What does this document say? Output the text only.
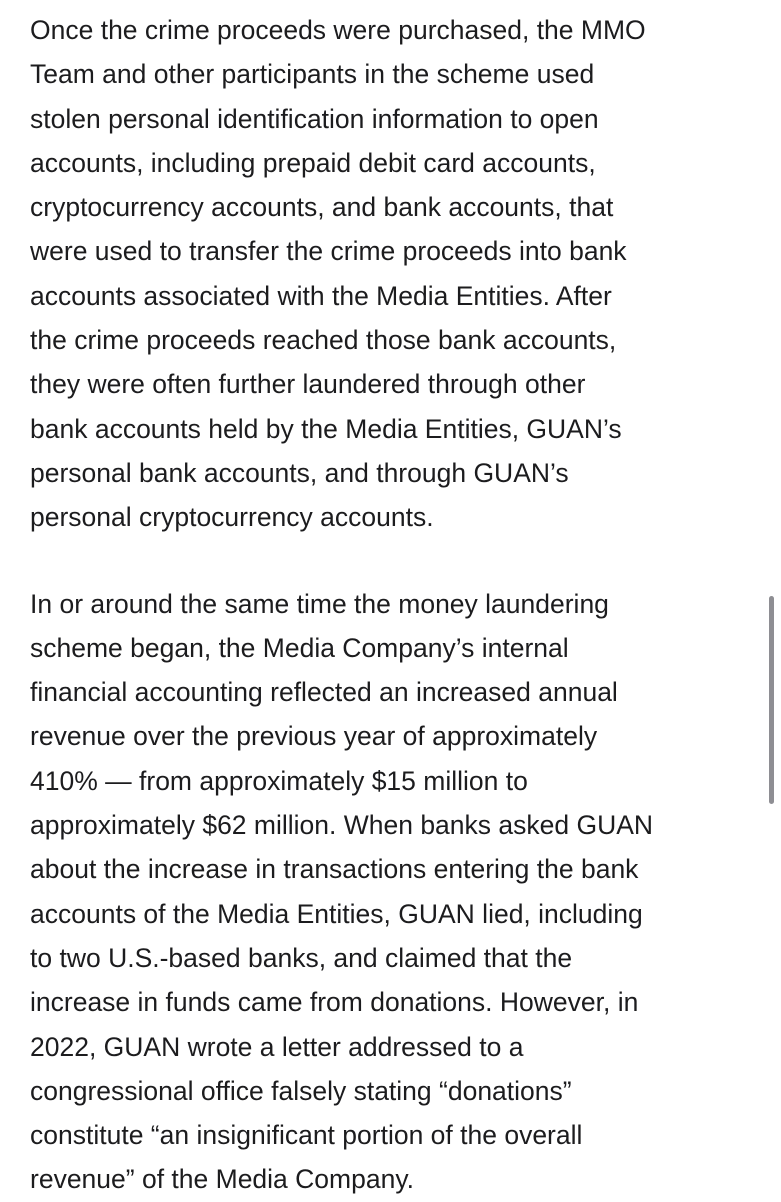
Once the crime proceeds were purchased, the MMO
Team and other participants in the scheme used
stolen personal identification information to open
accounts, including prepaid debit card accounts,
cryptocurrency accounts, and bank accounts, that
were used to transfer the crime proceeds into bank
accounts associated with the Media Entities. After
the crime proceeds reached those bank accounts,
they were often further laundered through other
bank accounts held by the Media Entities, GUAN’s
personal bank accounts, and through GUAN’s
personal cryptocurrency accounts.
In or around the same time the money laundering
scheme began, the Media Company’s internal
financial accounting reflected an increased annual
revenue over the previous year of approximately
410% — from approximately $15 million to
approximately $62 million. When banks asked GUAN
about the increase in transactions entering the bank
accounts of the Media Entities, GUAN lied, including
to two U.S.-based banks, and claimed that the
increase in funds came from donations. However, in
2022, GUAN wrote a letter addressed to a
congressional office falsely stating “donations”
constitute “an insignificant portion of the overall
revenue” of the Media Company.
